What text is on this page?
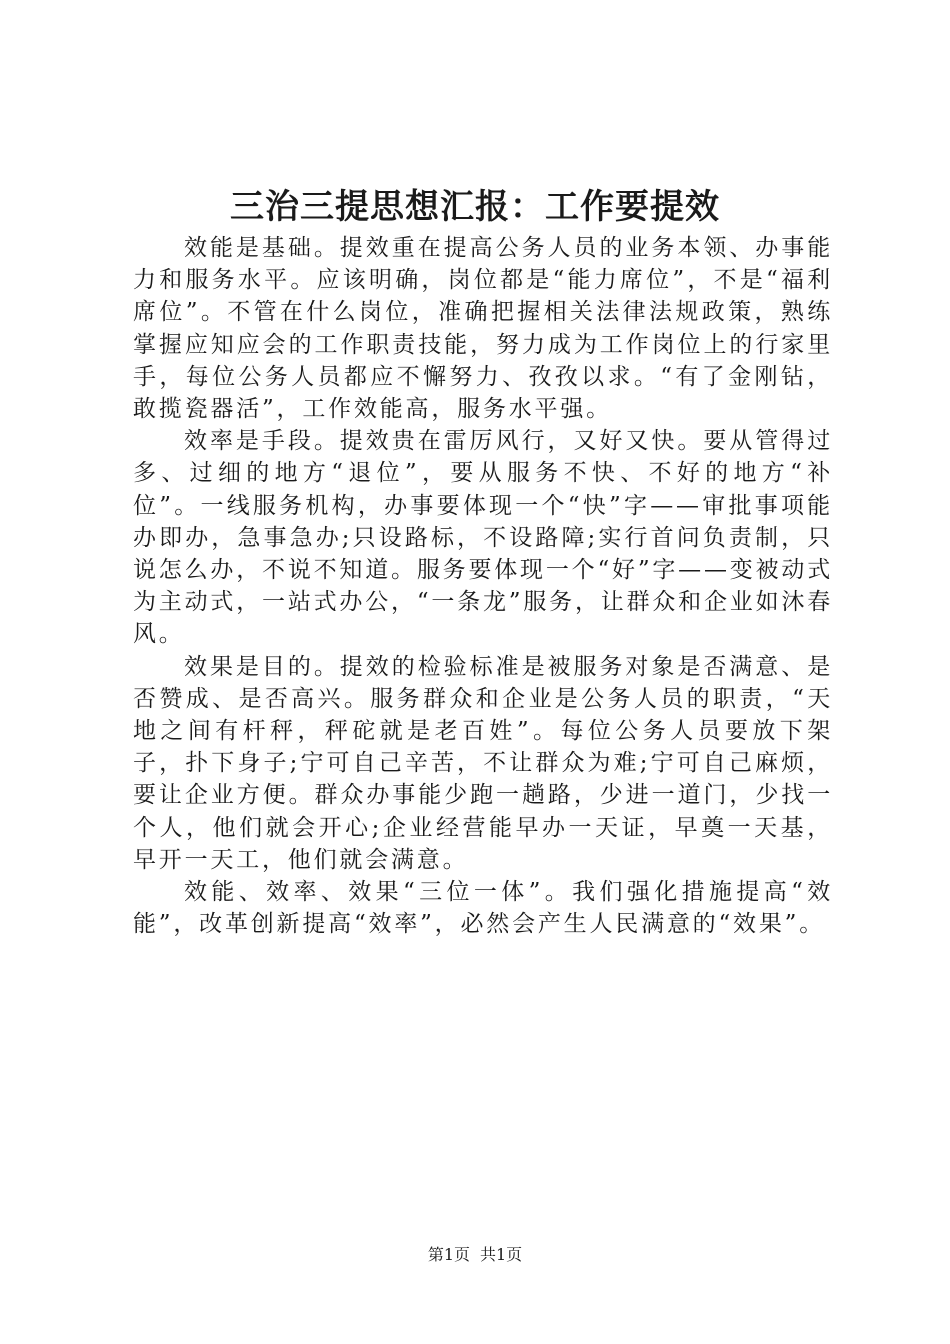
三治三提思想汇报：工作要提效

效能是基础。提效重在提高公务人员的业务本领、办事能力和服务水平。应该明确，岗位都是“能力席位”，不是“福利席位”。不管在什么岗位，准确把握相关法律法规政策，熟练掌握应知应会的工作职责技能，努力成为工作岗位上的行家里手，每位公务人员都应不懈努力、孜孜以求。“有了金刚钻，敢揽瓷器活”，工作效能高，服务水平强。

效率是手段。提效贵在雷厉风行，又好又快。要从管得过多、过细的地方“退位”，要从服务不快、不好的地方“补位”。一线服务机构，办事要体现一个“快”字——审批事项能办即办，急事急办;只设路标，不设路障;实行首问负责制，只说怎么办，不说不知道。服务要体现一个“好”字——变被动式为主动式，一站式办公，“一条龙”服务，让群众和企业如沐春风。

效果是目的。提效的检验标准是被服务对象是否满意、是否赞成、是否高兴。服务群众和企业是公务人员的职责，“天地之间有杆秤，秤砣就是老百姓”。每位公务人员要放下架子，扑下身子;宁可自己辛苦，不让群众为难;宁可自己麻烦，要让企业方便。群众办事能少跑一趟路，少进一道门，少找一个人，他们就会开心;企业经营能早办一天证，早奠一天基，早开一天工，他们就会满意。

效能、效率、效果“三位一体”。我们强化措施提高“效能”，改革创新提高“效率”，必然会产生人民满意的“效果”。

第1页 共1页
